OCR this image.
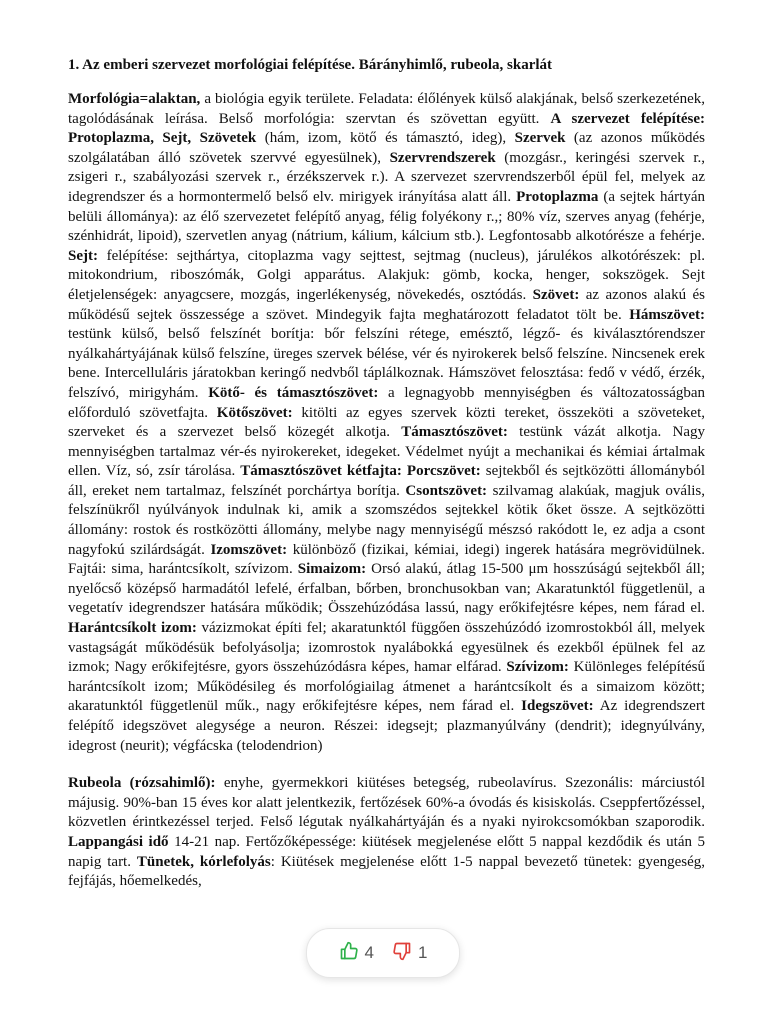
1. Az emberi szervezet morfológiai felépítése. Bárányhimlő, rubeola, skarlát

Morfológia=alaktan, a biológia egyik területe. Feladata: élőlények külső alakjának, belső szerkezetének, tagolódásának leírása. Belső morfológia: szervtan és szövettan együtt. A szervezet felépítése: Protoplazma, Sejt, Szövetek (hám, izom, kötő és támasztó, ideg), Szervek (az azonos működés szolgálatában álló szövetek szervvé egyesülnek), Szervrendszerek (mozgásr., keringési szervek r., zsigeri r., szabályozási szervek r., érzékszervek r.). A szervezet szervrendszerből épül fel, melyek az idegrendszer és a hormontermelő belső elv. mirigyek irányítása alatt áll. Protoplazma (a sejtek hártyán belüli állománya): az élő szervezetet felépítő anyag, félig folyékony r.,; 80% víz, szerves anyag (fehérje, szénhidrát, lipoid), szervetlen anyag (nátrium, kálium, kálcium stb.). Legfontosabb alkotórésze a fehérje. Sejt: felépítése: sejthártya, citoplazma vagy sejttest, sejtmag (nucleus), járulékos alkotórészek: pl. mitokondrium, riboszómák, Golgi apparátus. Alakjuk: gömb, kocka, henger, sokszögek. Sejt életjelenségek: anyagcsere, mozgás, ingerlékenység, növekedés, osztódás. Szövet: az azonos alakú és működésű sejtek összessége a szövet. Mindegyik fajta meghatározott feladatot tölt be. Hámszövet: testünk külső, belső felszínét borítja: bőr felszíni rétege, emésztő, légző- és kiválasztórendszer nyálkahártyájának külső felszíne, üreges szervek bélése, vér és nyirokerek belső felszíne. Nincsenek erek bene. Intercelluláris járatokban keringő nedvből táplálkoznak. Hámszövet felosztása: fedő v védő, érzék, felszívó, mirigyhám. Kötő- és támasztószövet: a legnagyobb mennyiségben és változatosságban előforduló szövetfajta. Kötőszövet: kitölti az egyes szervek közti tereket, összeköti a szöveteket, szerveket és a szervezet belső közegét alkotja. Támasztószövet: testünk vázát alkotja. Nagy mennyiségben tartalmaz vér-és nyirokereket, idegeket. Védelmet nyújt a mechanikai és kémiai ártalmak ellen. Víz, só, zsír tárolása. Támasztószövet kétfajta: Porcszövet: sejtekből és sejtközötti állományból áll, ereket nem tartalmaz, felszínét porchártya borítja. Csontszövet: szilvamag alakúak, magjuk ovális, felszínükről nyúlványok indulnak ki, amik a szomszédos sejtekkel kötik őket össze. A sejtközötti állomány: rostok és rostközötti állomány, melybe nagy mennyiségű mészsó rakódott le, ez adja a csont nagyfokú szilárdságát. Izomszövet: különböző (fizikai, kémiai, idegi) ingerek hatására megrövidülnek. Fajtái: sima, harántcsíkolt, szívizom. Simaizom: Orsó alakú, átlag 15-500 μm hosszúságú sejtekből áll; nyelőcső középső harmadától lefelé, érfalban, bőrben, bronchusokban van; Akaratunktól függetlenül, a vegetatív idegrendszer hatására működik; Összehúzódása lassú, nagy erőkifejtésre képes, nem fárad el. Harántcsíkolt izom: vázizmokat építi fel; akaratunktól függően összehúzódó izomrostokból áll, melyek vastagságát működésük befolyásolja; izomrostok nyalábokká egyesülnek és ezekből épülnek fel az izmok; Nagy erőkifejtésre, gyors összehúzódásra képes, hamar elfárad. Szívizom: Különleges felépítésű harántcsíkolt izom; Működésileg és morfológiailag átmenet a harántcsíkolt és a simaizom között; akaratunktól függetlenül műk., nagy erőkifejtésre képes, nem fárad el. Idegszövet: Az idegrendszert felépítő idegszövet alegysége a neuron. Részei: idegsejt; plazmanyúlvány (dendrit); idegnyúlvány, idegrost (neurit); végfácska (telodendrion)

Rubeola (rózsahimlő): enyhe, gyermekkori kiütéses betegség, rubeolavírus. Szezonális: márciustól májusig. 90%-ban 15 éves kor alatt jelentkezik, fertőzések 60%-a óvodás és kisiskolás. Cseppfertőzéssel, közvetlen érintkezéssel terjed. Felső légutak nyálkahártyáján és a nyaki nyirokcsomókban szaporodik. Lappangási idő 14-21 nap. Fertőzőképessége: kiütések megjelenése előtt 5 nappal kezdődik és után 5 napig tart. Tünetek, kórlefolyás: Kiütések megjelenése előtt 1-5 nappal bevezető tünetek: gyengeség, fejfájás, hőemelkedés,

4	1
